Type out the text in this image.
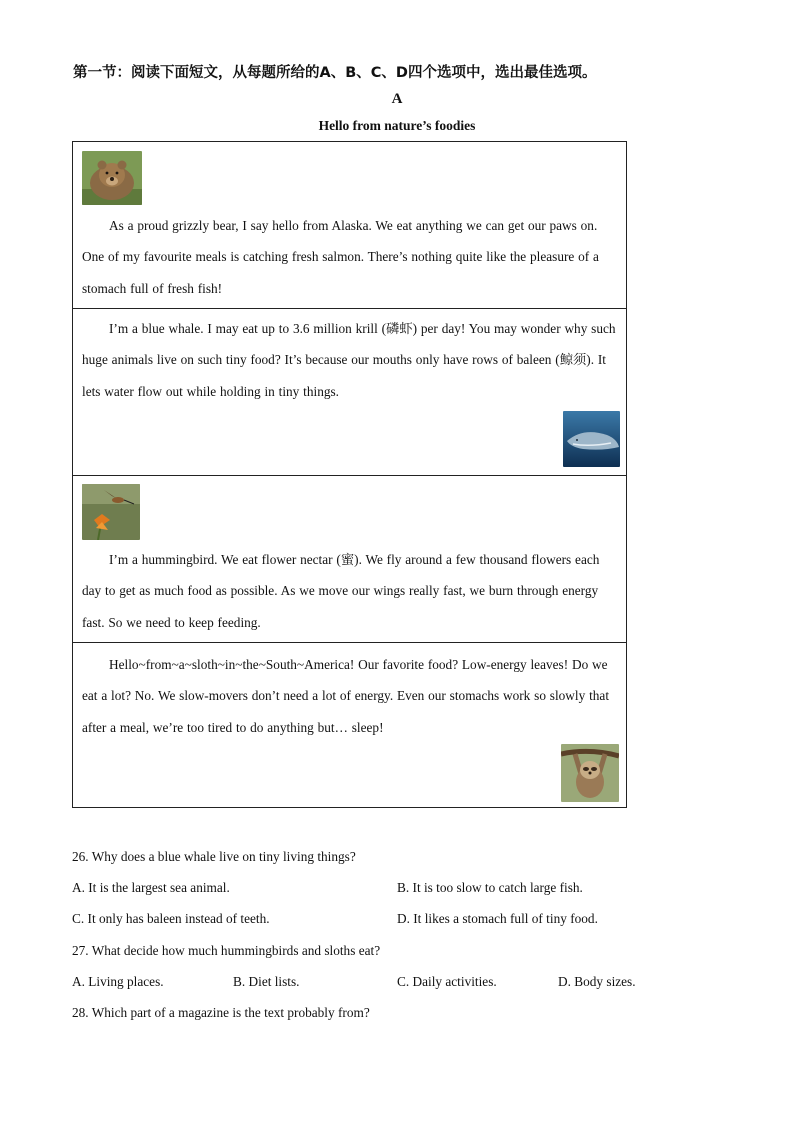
第一节：阅读下面短文，从每题所给的A、B、C、D四个选项中，选出最佳选项。
A
Hello from nature’s foodies
As a proud grizzly bear, I say hello from Alaska. We eat anything we can get our paws on. One of my favourite meals is catching fresh salmon. There’s nothing quite like the pleasure of a stomach full of fresh fish!
I’m a blue whale. I may eat up to 3.6 million krill (磷虾) per day! You may wonder why such huge animals live on such tiny food? It’s because our mouths only have rows of baleen (鲸须). It lets water flow out while holding in tiny things.
I’m a hummingbird. We eat flower nectar (蜜). We fly around a few thousand flowers each day to get as much food as possible. As we move our wings really fast, we burn through energy fast. So we need to keep feeding.
Hello~from~a~sloth~in~the~South~America! Our favorite food? Low-energy leaves! Do we eat a lot? No. We slow-movers don’t need a lot of energy. Even our stomachs work so slowly that after a meal, we’re too tired to do anything but… sleep!
26. Why does a blue whale live on tiny living things?
A. It is the largest sea animal.	B. It is too slow to catch large fish.
C. It only has baleen instead of teeth.	D. It likes a stomach full of tiny food.
27. What decide how much hummingbirds and sloths eat?
A. Living places.	B. Diet lists.	C. Daily activities.	D. Body sizes.
28. Which part of a magazine is the text probably from?
